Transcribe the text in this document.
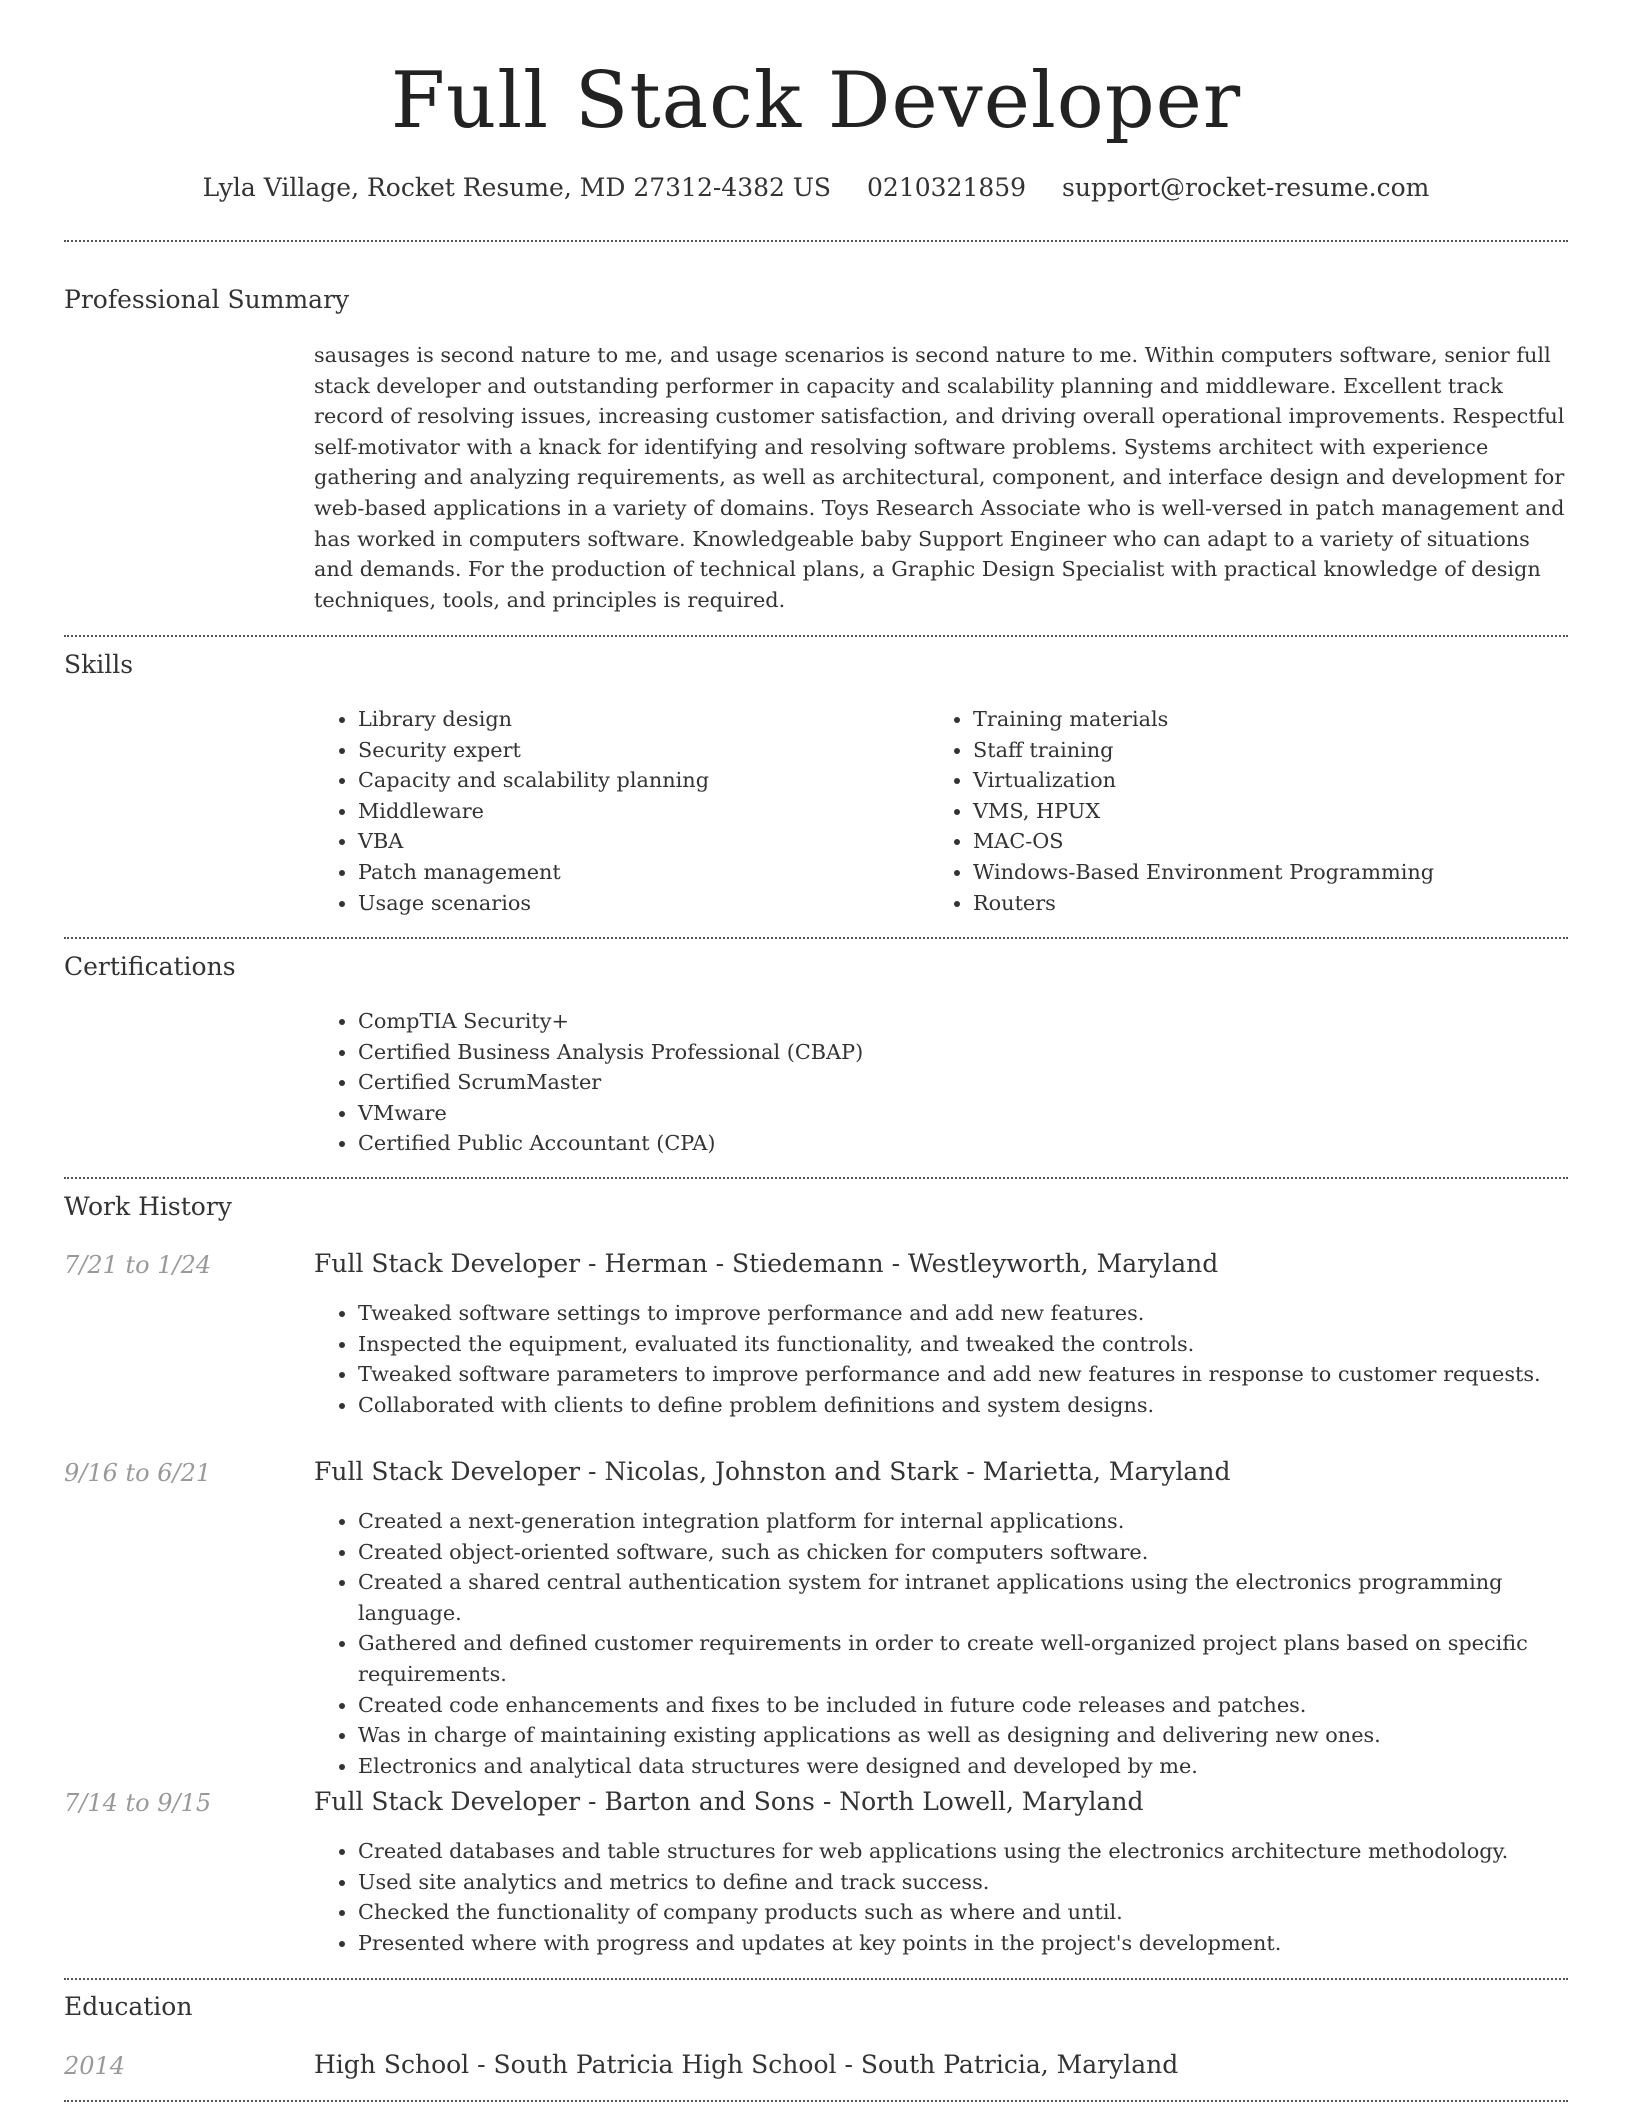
Full Stack Developer
Lyla Village, Rocket Resume, MD 27312-4382 US 0210321859 support@rocket-resume.com
Professional Summary

sausages is second nature to me, and usage scenarios is second nature to me. Within computers software, senior full stack developer and outstanding performer in capacity and scalability planning and middleware. Excellent track record of resolving issues, increasing customer satisfaction, and driving overall operational improvements. Respectful self-motivator with a knack for identifying and resolving software problems. Systems architect with experience gathering and analyzing requirements, as well as architectural, component, and interface design and development for web-based applications in a variety of domains. Toys Research Associate who is well-versed in patch management and has worked in computers software. Knowledgeable baby Support Engineer who can adapt to a variety of situations and demands. For the production of technical plans, a Graphic Design Specialist with practical knowledge of design techniques, tools, and principles is required.

Skills
• Library design
• Security expert
• Capacity and scalability planning
• Middleware
• VBA
• Patch management
• Usage scenarios
• Training materials
• Staff training
• Virtualization
• VMS, HPUX
• MAC-OS
• Windows-Based Environment Programming
• Routers
Certifications
• CompTIA Security+
• Certified Business Analysis Professional (CBAP)
• Certified ScrumMaster
• VMware
• Certified Public Accountant (CPA)
Work History
7/21 to 1/24	Full Stack Developer - Herman - Stiedemann - Westleyworth, Maryland
• Tweaked software settings to improve performance and add new features.
• Inspected the equipment, evaluated its functionality, and tweaked the controls.
• Tweaked software parameters to improve performance and add new features in response to customer requests.
• Collaborated with clients to define problem definitions and system designs.
9/16 to 6/21	Full Stack Developer - Nicolas, Johnston and Stark - Marietta, Maryland
• Created a next-generation integration platform for internal applications.
• Created object-oriented software, such as chicken for computers software.
• Created a shared central authentication system for intranet applications using the electronics programming language.
• Gathered and defined customer requirements in order to create well-organized project plans based on specific requirements.
• Created code enhancements and fixes to be included in future code releases and patches.
• Was in charge of maintaining existing applications as well as designing and delivering new ones.
• Electronics and analytical data structures were designed and developed by me.
7/14 to 9/15	Full Stack Developer - Barton and Sons - North Lowell, Maryland
• Created databases and table structures for web applications using the electronics architecture methodology.
• Used site analytics and metrics to define and track success.
• Checked the functionality of company products such as where and until.
• Presented where with progress and updates at key points in the project's development.
Education
2014	High School - South Patricia High School - South Patricia, Maryland
